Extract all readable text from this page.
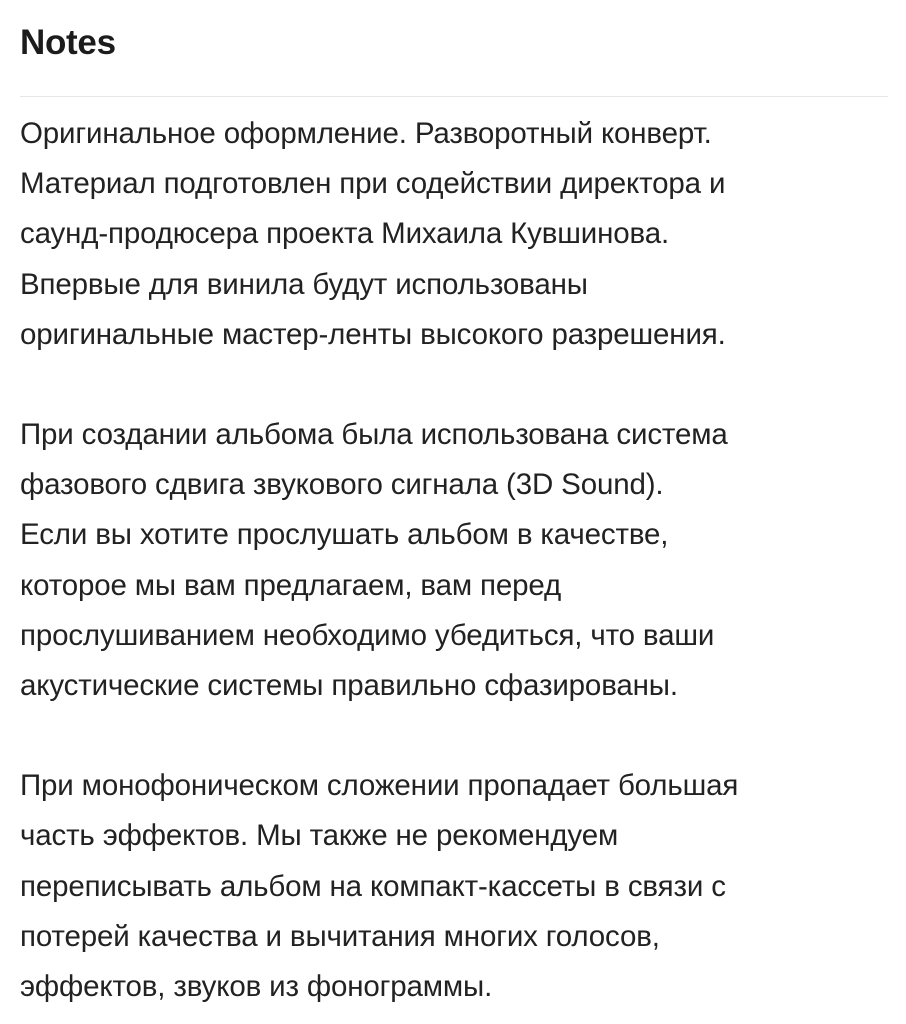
Notes

Оригинальное оформление. Разворотный конверт.
Материал подготовлен при содействии директора и
саунд-продюсера проекта Михаила Кувшинова.
Впервые для винила будут использованы
оригинальные мастер-ленты высокого разрешения.

При создании альбома была использована система
фазового сдвига звукового сигнала (3D Sound).
Если вы хотите прослушать альбом в качестве,
которое мы вам предлагаем, вам перед
прослушиванием необходимо убедиться, что ваши
акустические системы правильно сфазированы.

При монофоническом сложении пропадает большая
часть эффектов. Мы также не рекомендуем
переписывать альбом на компакт-кассеты в связи с
потерей качества и вычитания многих голосов,
эффектов, звуков из фонограммы.
